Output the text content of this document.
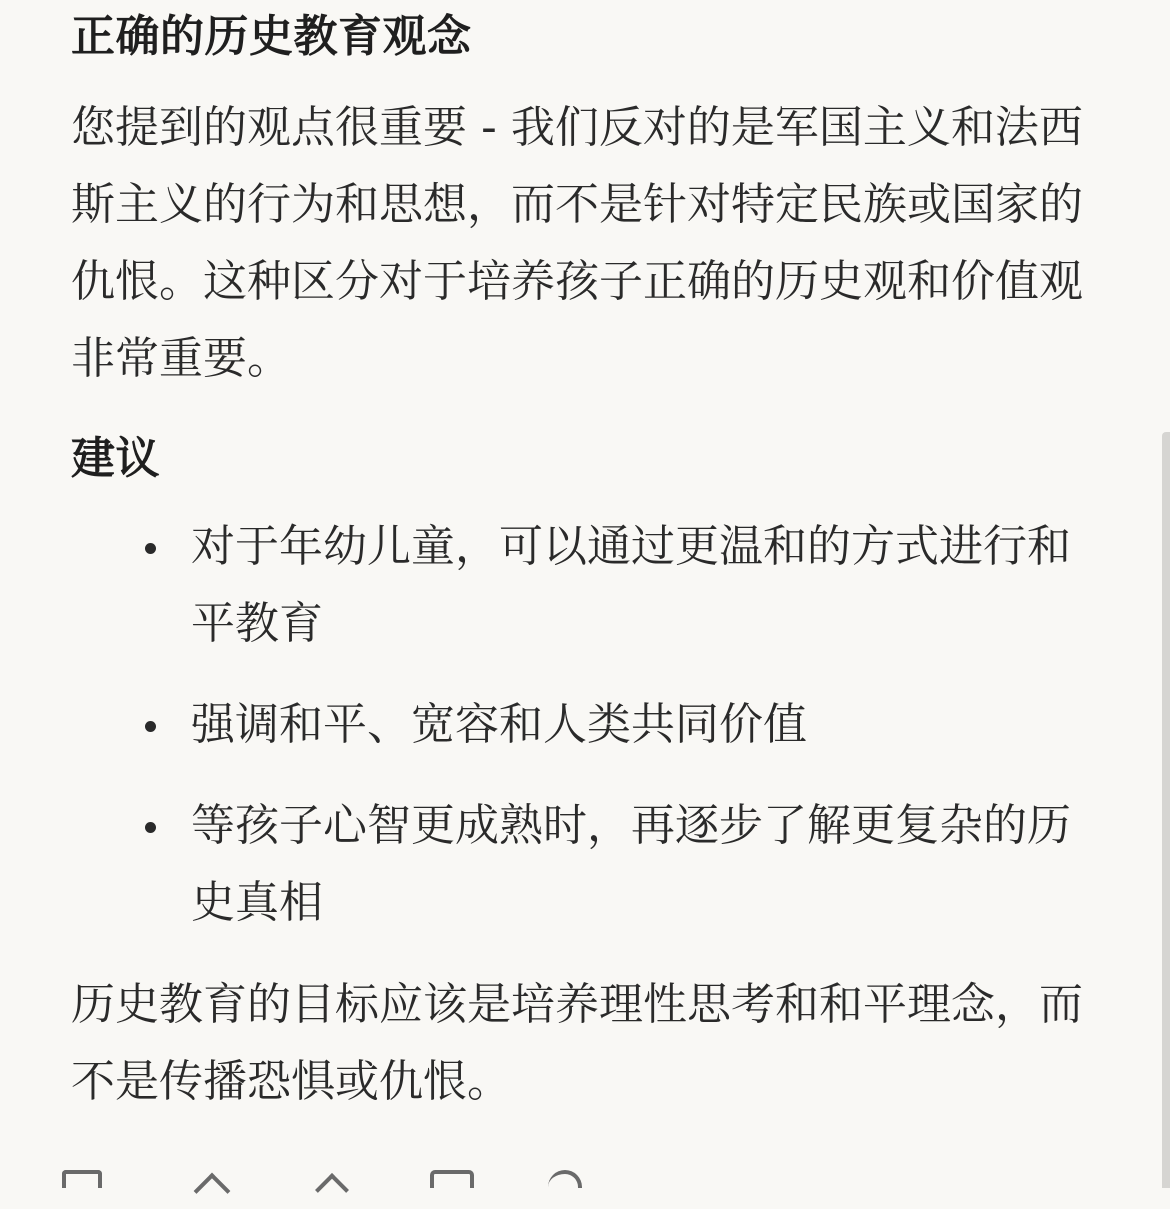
正确的历史教育观念

您提到的观点很重要 - 我们反对的是军国主义和法西斯主义的行为和思想，而不是针对特定民族或国家的仇恨。这种区分对于培养孩子正确的历史观和价值观非常重要。

建议
对于年幼儿童，可以通过更温和的方式进行和平教育
强调和平、宽容和人类共同价值
等孩子心智更成熟时，再逐步了解更复杂的历史真相

历史教育的目标应该是培养理性思考和和平理念，而不是传播恐惧或仇恨。
